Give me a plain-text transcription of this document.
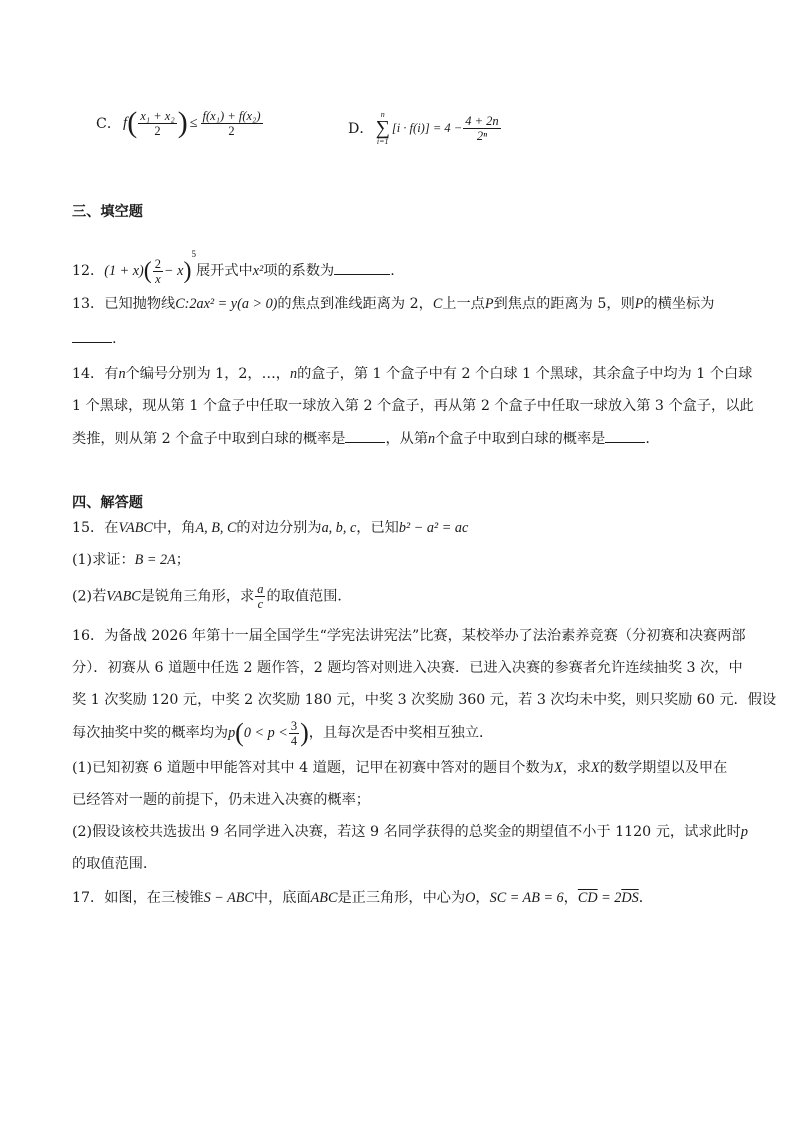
C． f ( $\frac{\text{x₁ + x₂}}{2}$ ) ≤ $\frac{\text{f(x₁) + f(x₂)}}{2}$	D．
n
∑
i=1
$[i \cdot f(i)] = 4 - \frac{4 + 2n}{\text{2ⁿ}}$
三、填空题
12．$(1 + x)( \frac{2}{x} - x)^5$展开式中x²项的系数为	.
13．已知抛物线C:2ax² = y(a > 0)的焦点到准线距离为 2，C上一点P到焦点的距离为 5，则P的横坐标为
.
14．有n个编号分别为 1，2，…，n的盒子，第 1 个盒子中有 2 个白球 1 个黑球，其余盒子中均为 1 个白球
1 个黑球，现从第 1 个盒子中任取一球放入第 2 个盒子，再从第 2 个盒子中任取一球放入第 3 个盒子，以此
类推，则从第 2 个盒子中取到白球的概率是	，从第n个盒子中取到白球的概率是	.
四、解答题
15．在VABC中，角A, B, C的对边分别为a, b, c，已知b² − a² = ac
(1)求证：B = 2A；
(2)若VABC是锐角三角形，求 $\frac{a}{c}$ 的取值范围．
16．为备战 2026 年第十一届全国学生“学宪法讲宪法”比赛，某校举办了法治素养竞赛（分初赛和决赛两部
分）．初赛从 6 道题中任选 2 题作答，2 题均答对则进入决赛．已进入决赛的参赛者允许连续抽奖 3 次，中
奖 1 次奖励 120 元，中奖 2 次奖励 180 元，中奖 3 次奖励 360 元，若 3 次均未中奖，则只奖励 60 元．假设
每次抽奖中奖的概率均为$p(0 < p < \frac{3}{4}$ )，且每次是否中奖相互独立．
(1)已知初赛 6 道题中甲能答对其中 4 道题，记甲在初赛中答对的题目个数为X，求X的数学期望以及甲在
已经答对一题的前提下，仍未进入决赛的概率；
(2)假设该校共选拔出 9 名同学进入决赛，若这 9 名同学获得的总奖金的期望值不小于 1120 元，试求此时p
的取值范围．
17．如图，在三棱锥S − ABC中，底面ABC是正三角形，中心为O，SC = AB = 6，$\overline{CD} = 2\overline{DS}$．
